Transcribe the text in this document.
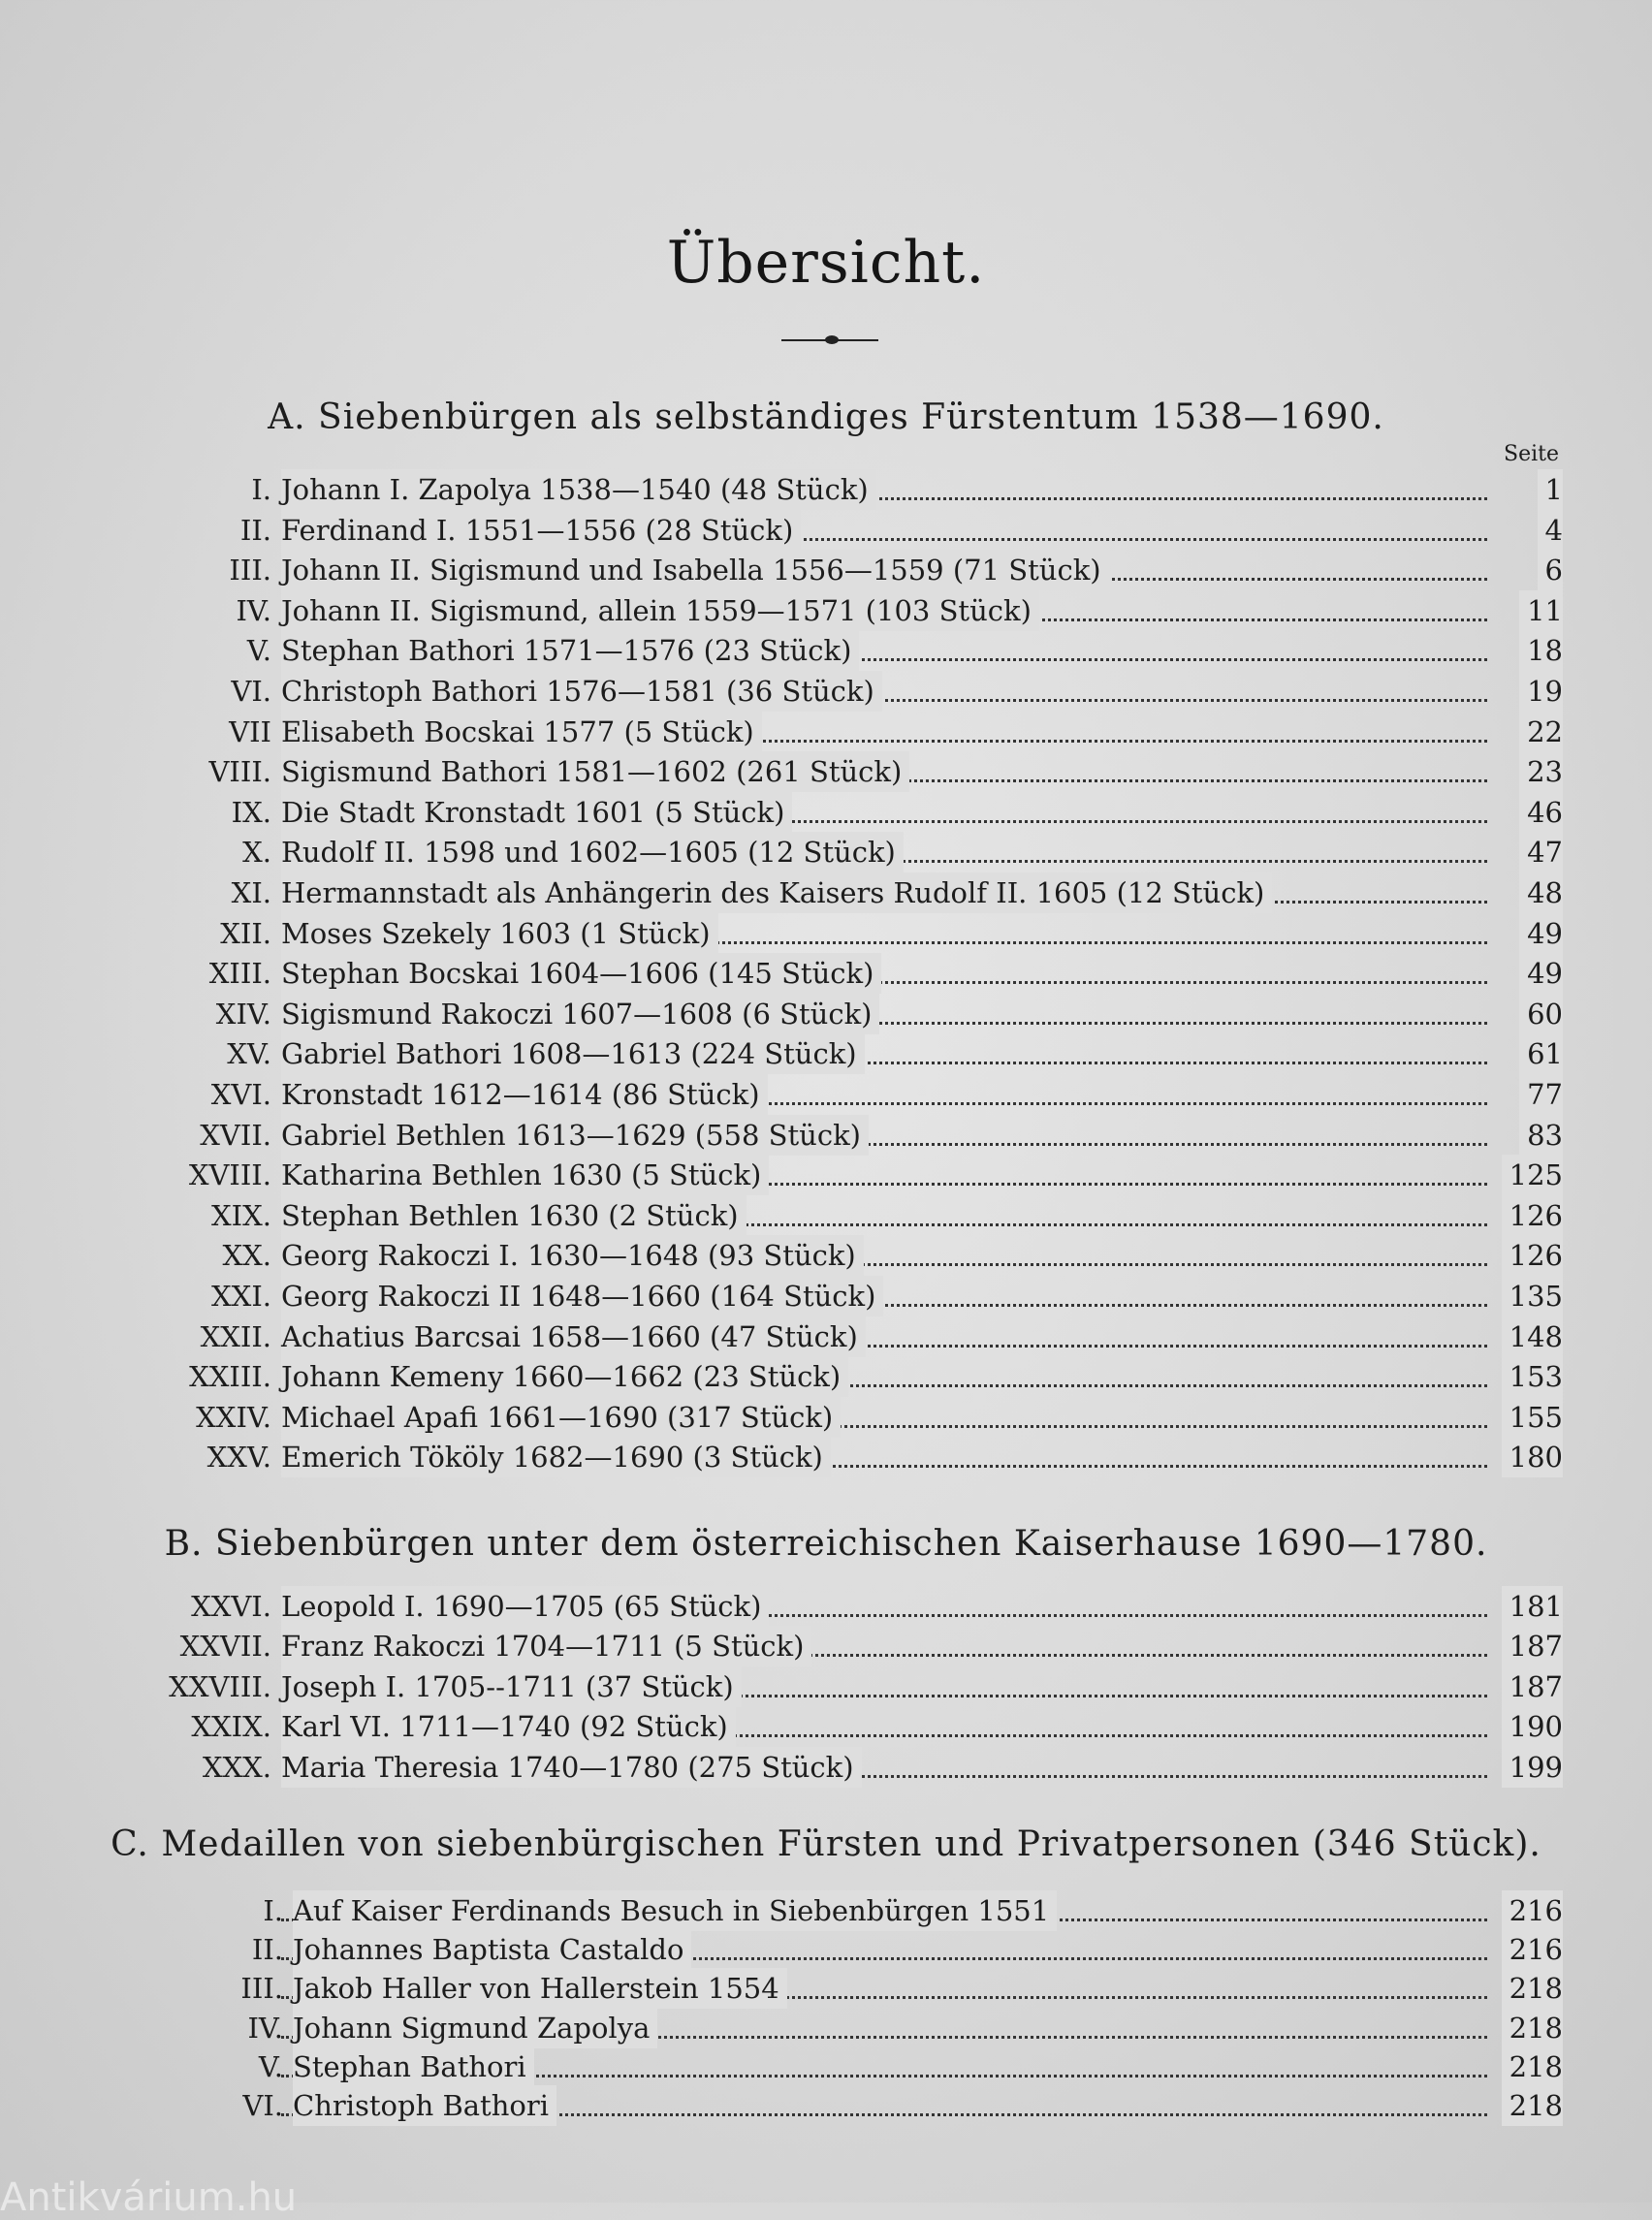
Übersicht.
A. Siebenbürgen als selbständiges Fürstentum 1538—1690.
Seite
I. Johann I. Zapolya 1538—1540 (48 Stück)	1
II. Ferdinand I. 1551—1556 (28 Stück)	4
III. Johann II. Sigismund und Isabella 1556—1559 (71 Stück)	6
IV. Johann II. Sigismund, allein 1559—1571 (103 Stück)	11
V. Stephan Bathori 1571—1576 (23 Stück)	18
VI. Christoph Bathori 1576—1581 (36 Stück)	19
VII Elisabeth Bocskai 1577 (5 Stück)	22
VIII. Sigismund Bathori 1581—1602 (261 Stück)	23
IX. Die Stadt Kronstadt 1601 (5 Stück)	46
X. Rudolf II. 1598 und 1602—1605 (12 Stück)	47
XI. Hermannstadt als Anhängerin des Kaisers Rudolf II. 1605 (12 Stück)	48
XII. Moses Szekely 1603 (1 Stück)	49
XIII. Stephan Bocskai 1604—1606 (145 Stück)	49
XIV. Sigismund Rakoczi 1607—1608 (6 Stück)	60
XV. Gabriel Bathori 1608—1613 (224 Stück)	61
XVI. Kronstadt 1612—1614 (86 Stück)	77
XVII. Gabriel Bethlen 1613—1629 (558 Stück)	83
XVIII. Katharina Bethlen 1630 (5 Stück)	125
XIX. Stephan Bethlen 1630 (2 Stück)	126
XX. Georg Rakoczi I. 1630—1648 (93 Stück)	126
XXI. Georg Rakoczi II 1648—1660 (164 Stück)	135
XXII. Achatius Barcsai 1658—1660 (47 Stück)	148
XXIII. Johann Kemeny 1660—1662 (23 Stück)	153
XXIV. Michael Apafi 1661—1690 (317 Stück)	155
XXV. Emerich Tököly 1682—1690 (3 Stück)	180
B. Siebenbürgen unter dem österreichischen Kaiserhause 1690—1780.
XXVI. Leopold I. 1690—1705 (65 Stück)	181
XXVII. Franz Rakoczi 1704—1711 (5 Stück)	187
XXVIII. Joseph I. 1705--1711 (37 Stück)	187
XXIX. Karl VI. 1711—1740 (92 Stück)	190
XXX. Maria Theresia 1740—1780 (275 Stück)	199
C. Medaillen von siebenbürgischen Fürsten und Privatpersonen (346 Stück).
I. Auf Kaiser Ferdinands Besuch in Siebenbürgen 1551	216
II. Johannes Baptista Castaldo	216
III. Jakob Haller von Hallerstein 1554	218
IV. Johann Sigmund Zapolya	218
V. Stephan Bathori	218
VI. Christoph Bathori	218
Antikvárium.hu
